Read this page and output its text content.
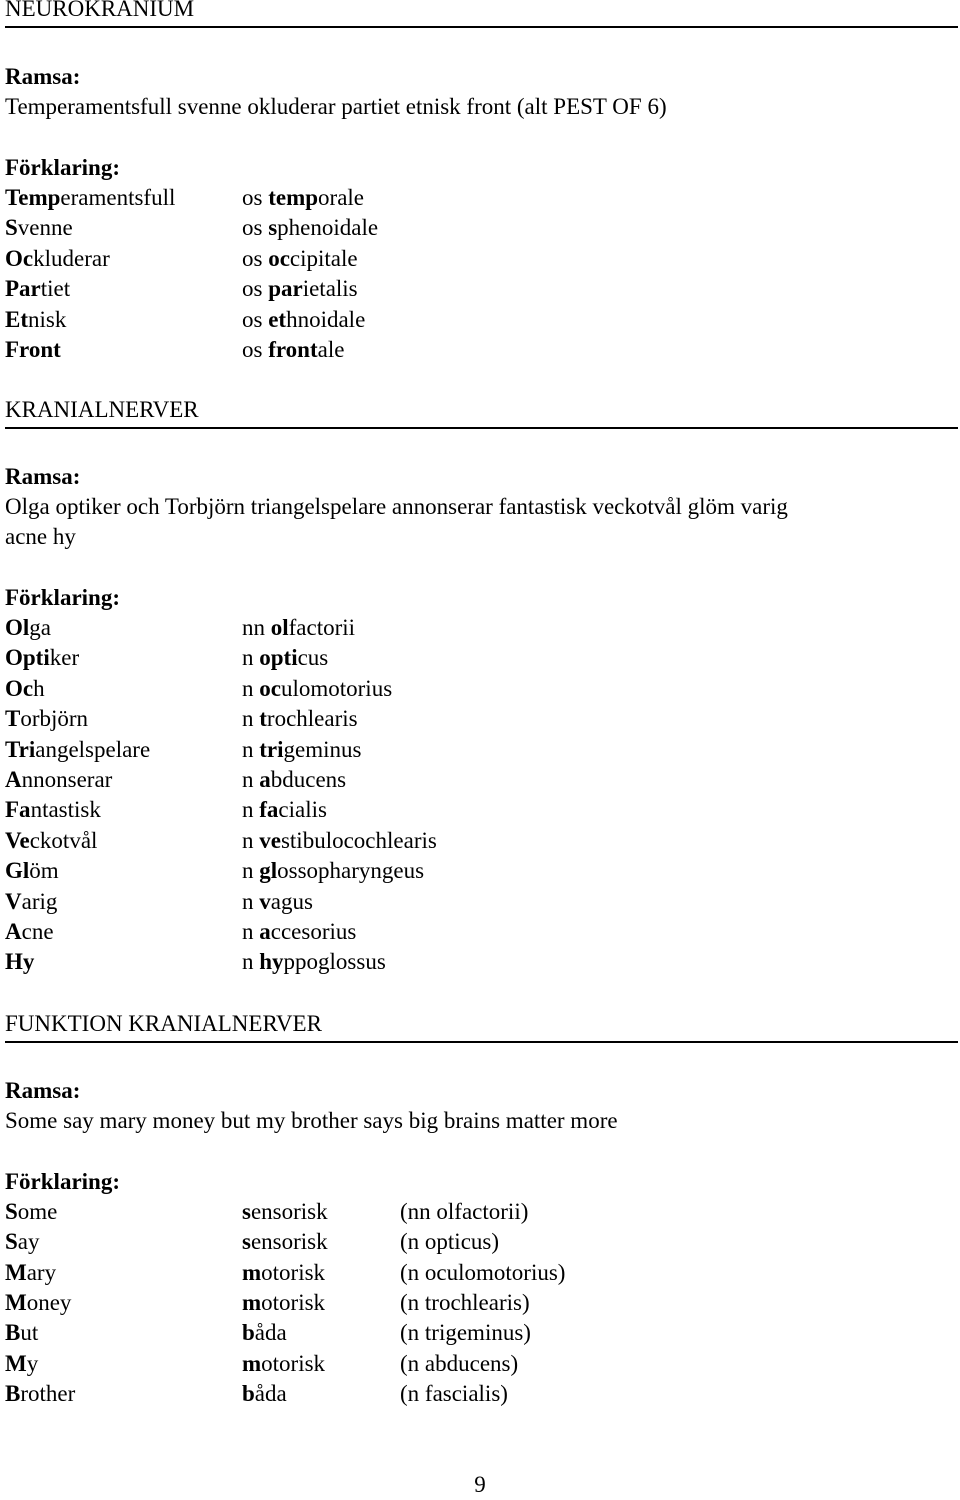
NEUROKRANIUM
Ramsa:
Temperamentsfull svenne okluderar partiet etnisk front (alt PEST OF 6)
Förklaring:
Temperamentsfull	os temporale
Svenne	os sphenoidale
Ockluderar	os occipitale
Partiet	os parietalis
Etnisk	os ethnoidale
Front	os frontale
KRANIALNERVER
Ramsa:
Olga optiker och Torbjörn triangelspelare annonserar fantastisk veckotvål glöm varig
acne hy
Förklaring:
Olga	nn olfactorii
Optiker	n opticus
Och	n oculomotorius
Torbjörn	n trochlearis
Triangelspelare	n trigeminus
Annonserar	n abducens
Fantastisk	n facialis
Veckotvål	n vestibulocochlearis
Glöm	n glossopharyngeus
Varig	n vagus
Acne	n accesorius
Hy	n hyppoglossus
FUNKTION KRANIALNERVER
Ramsa:
Some say mary money but my brother says big brains matter more
Förklaring:
Some	sensorisk	(nn olfactorii)
Say	sensorisk	(n opticus)
Mary	motorisk	(n oculomotorius)
Money	motorisk	(n trochlearis)
But	båda	(n trigeminus)
My	motorisk	(n abducens)
Brother	båda	(n fascialis)
9
